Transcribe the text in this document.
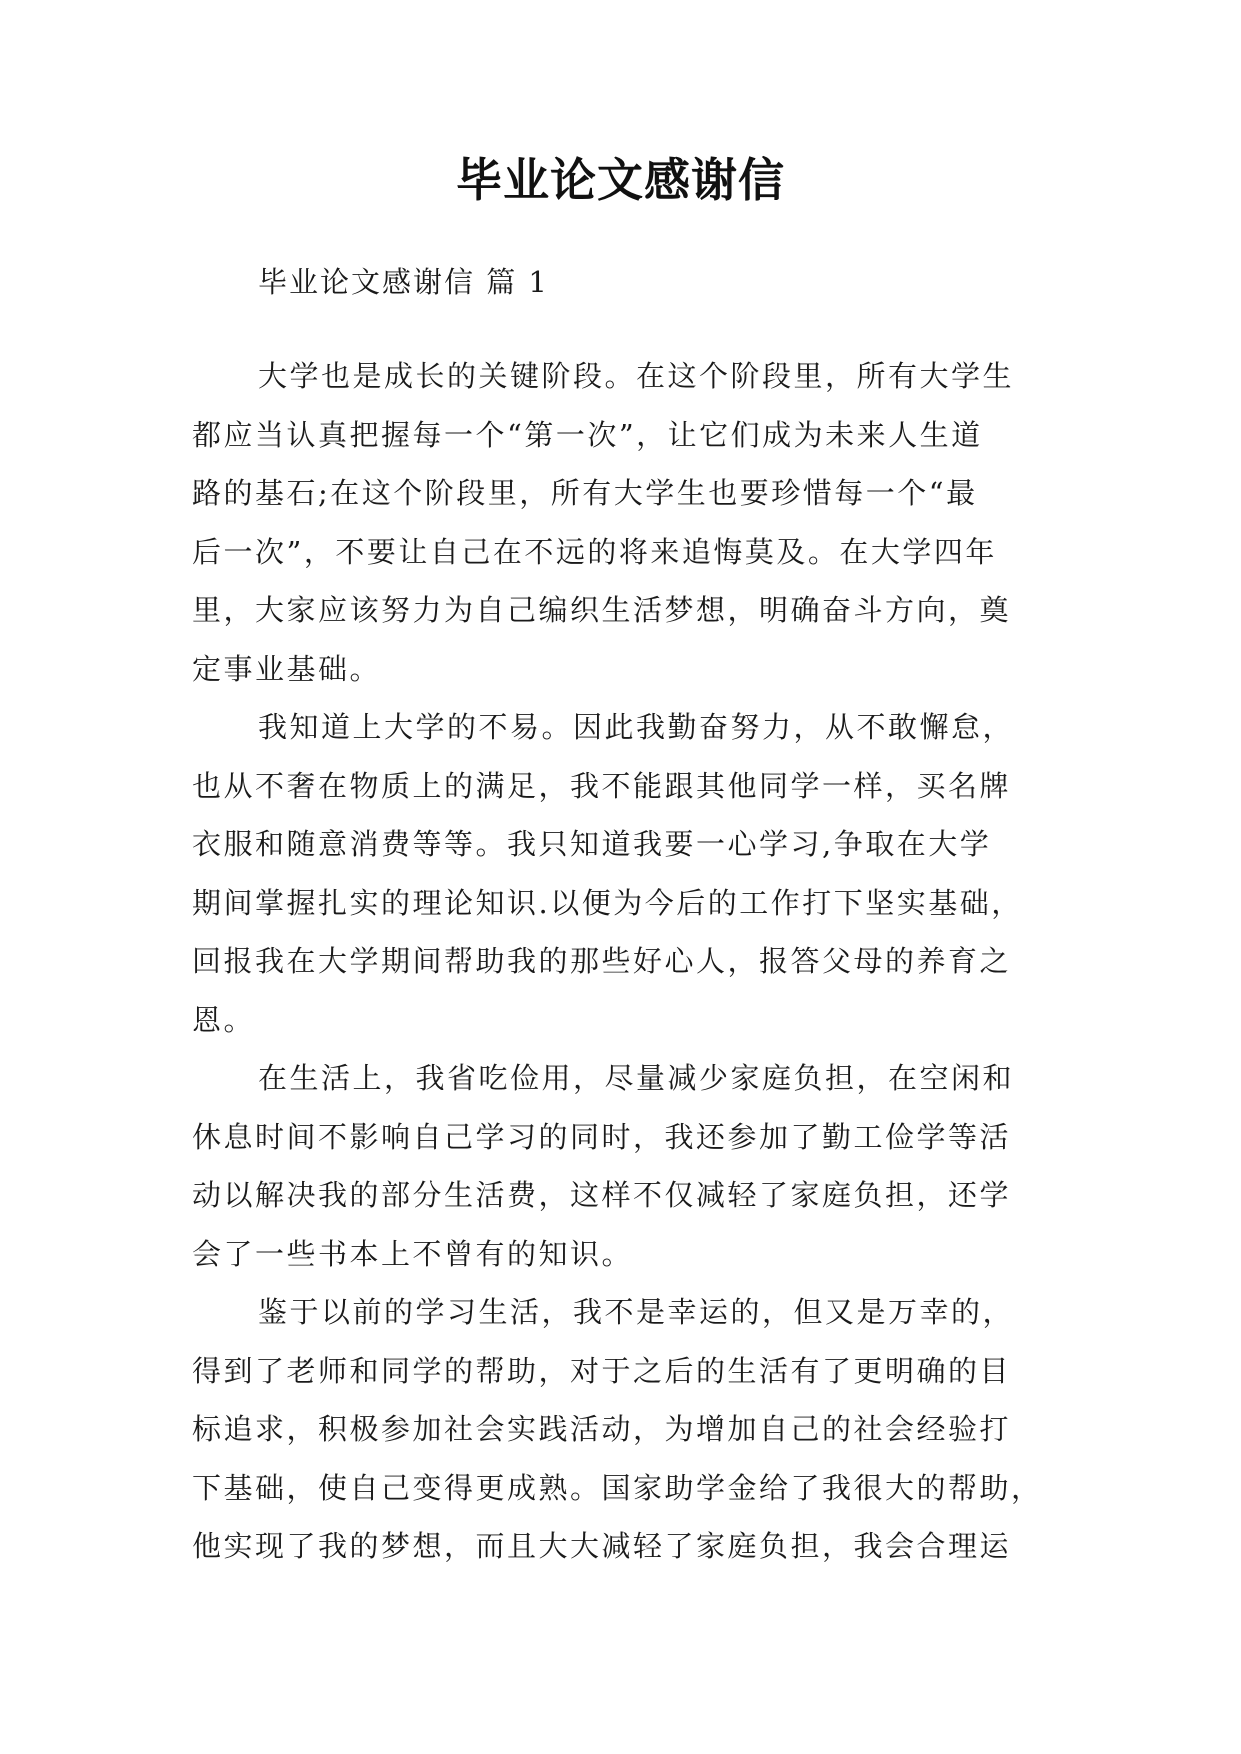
毕业论文感谢信
毕业论文感谢信 篇 1
大学也是成长的关键阶段。在这个阶段里，所有大学生
都应当认真把握每一个“第一次”，让它们成为未来人生道
路的基石;在这个阶段里，所有大学生也要珍惜每一个“最
后一次”，不要让自己在不远的将来追悔莫及。在大学四年
里，大家应该努力为自己编织生活梦想，明确奋斗方向，奠
定事业基础。
我知道上大学的不易。因此我勤奋努力，从不敢懈怠，
也从不奢在物质上的满足，我不能跟其他同学一样，买名牌
衣服和随意消费等等。我只知道我要一心学习,争取在大学
期间掌握扎实的理论知识.以便为今后的工作打下坚实基础，
回报我在大学期间帮助我的那些好心人，报答父母的养育之
恩。
在生活上，我省吃俭用，尽量减少家庭负担，在空闲和
休息时间不影响自己学习的同时，我还参加了勤工俭学等活
动以解决我的部分生活费，这样不仅减轻了家庭负担，还学
会了一些书本上不曾有的知识。
鉴于以前的学习生活，我不是幸运的，但又是万幸的，
得到了老师和同学的帮助，对于之后的生活有了更明确的目
标追求，积极参加社会实践活动，为增加自己的社会经验打
下基础，使自己变得更成熟。国家助学金给了我很大的帮助，
他实现了我的梦想，而且大大减轻了家庭负担，我会合理运
